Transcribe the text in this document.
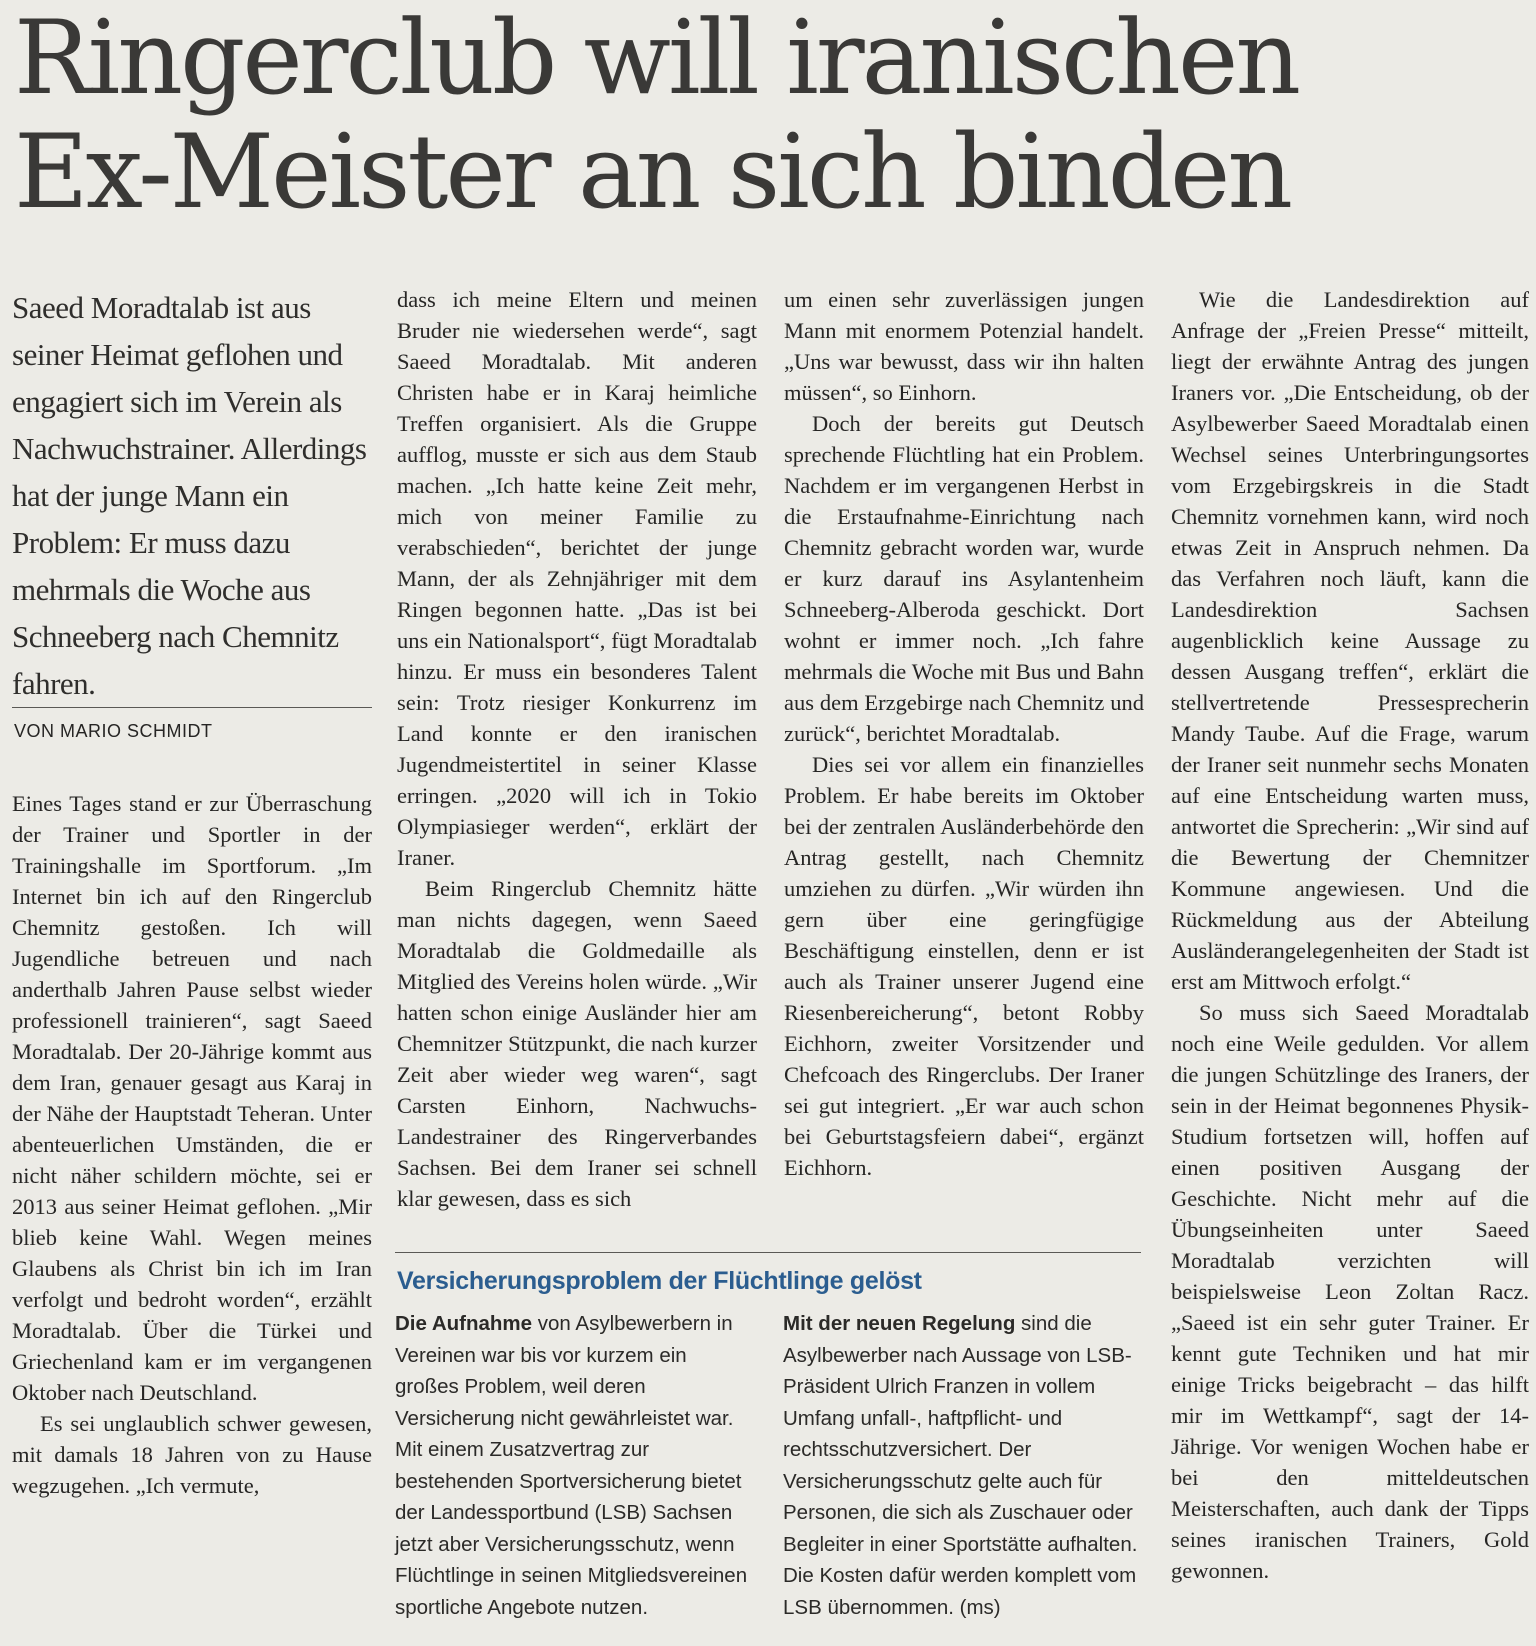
Ringerclub will iranischen
Ex-Meister an sich binden

Saeed Moradtalab ist aus seiner Heimat geflohen und engagiert sich im Verein als Nachwuchstrainer. Allerdings hat der junge Mann ein Problem: Er muss dazu mehrmals die Woche aus Schneeberg nach Chemnitz fahren.

VON MARIO SCHMIDT

Eines Tages stand er zur Überraschung der Trainer und Sportler in der Trainingshalle im Sportforum. „Im Internet bin ich auf den Ringerclub Chemnitz gestoßen. Ich will Jugendliche betreuen und nach anderthalb Jahren Pause selbst wieder professionell trainieren“, sagt Saeed Moradtalab. Der 20-Jährige kommt aus dem Iran, genauer gesagt aus Karaj in der Nähe der Hauptstadt Teheran. Unter abenteuerlichen Umständen, die er nicht näher schildern möchte, sei er 2013 aus seiner Heimat geflohen. „Mir blieb keine Wahl. Wegen meines Glaubens als Christ bin ich im Iran verfolgt und bedroht worden“, erzählt Moradtalab. Über die Türkei und Griechenland kam er im vergangenen Oktober nach Deutschland.

Es sei unglaublich schwer gewesen, mit damals 18 Jahren von zu Hause wegzugehen. „Ich vermute,

dass ich meine Eltern und meinen Bruder nie wiedersehen werde“, sagt Saeed Moradtalab. Mit anderen Christen habe er in Karaj heimliche Treffen organisiert. Als die Gruppe aufflog, musste er sich aus dem Staub machen. „Ich hatte keine Zeit mehr, mich von meiner Familie zu verabschieden“, berichtet der junge Mann, der als Zehnjähriger mit dem Ringen begonnen hatte. „Das ist bei uns ein Nationalsport“, fügt Moradtalab hinzu. Er muss ein besonderes Talent sein: Trotz riesiger Konkurrenz im Land konnte er den iranischen Jugendmeistertitel in seiner Klasse erringen. „2020 will ich in Tokio Olympiasieger werden“, erklärt der Iraner.

Beim Ringerclub Chemnitz hätte man nichts dagegen, wenn Saeed Moradtalab die Goldmedaille als Mitglied des Vereins holen würde. „Wir hatten schon einige Ausländer hier am Chemnitzer Stützpunkt, die nach kurzer Zeit aber wieder weg waren“, sagt Carsten Einhorn, Nachwuchs-Landestrainer des Ringerverbandes Sachsen. Bei dem Iraner sei schnell klar gewesen, dass es sich

um einen sehr zuverlässigen jungen Mann mit enormem Potenzial handelt. „Uns war bewusst, dass wir ihn halten müssen“, so Einhorn.

Doch der bereits gut Deutsch sprechende Flüchtling hat ein Problem. Nachdem er im vergangenen Herbst in die Erstaufnahme-Einrichtung nach Chemnitz gebracht worden war, wurde er kurz darauf ins Asylantenheim Schneeberg-Alberoda geschickt. Dort wohnt er immer noch. „Ich fahre mehrmals die Woche mit Bus und Bahn aus dem Erzgebirge nach Chemnitz und zurück“, berichtet Moradtalab.

Dies sei vor allem ein finanzielles Problem. Er habe bereits im Oktober bei der zentralen Ausländerbehörde den Antrag gestellt, nach Chemnitz umziehen zu dürfen. „Wir würden ihn gern über eine geringfügige Beschäftigung einstellen, denn er ist auch als Trainer unserer Jugend eine Riesenbereicherung“, betont Robby Eichhorn, zweiter Vorsitzender und Chefcoach des Ringerclubs. Der Iraner sei gut integriert. „Er war auch schon bei Geburtstagsfeiern dabei“, ergänzt Eichhorn.

Wie die Landesdirektion auf Anfrage der „Freien Presse“ mitteilt, liegt der erwähnte Antrag des jungen Iraners vor. „Die Entscheidung, ob der Asylbewerber Saeed Moradtalab einen Wechsel seines Unterbringungsortes vom Erzgebirgskreis in die Stadt Chemnitz vornehmen kann, wird noch etwas Zeit in Anspruch nehmen. Da das Verfahren noch läuft, kann die Landesdirektion Sachsen augenblicklich keine Aussage zu dessen Ausgang treffen“, erklärt die stellvertretende Pressesprecherin Mandy Taube. Auf die Frage, warum der Iraner seit nunmehr sechs Monaten auf eine Entscheidung warten muss, antwortet die Sprecherin: „Wir sind auf die Bewertung der Chemnitzer Kommune angewiesen. Und die Rückmeldung aus der Abteilung Ausländerangelegenheiten der Stadt ist erst am Mittwoch erfolgt.“

So muss sich Saeed Moradtalab noch eine Weile gedulden. Vor allem die jungen Schützlinge des Iraners, der sein in der Heimat begonnenes Physik-Studium fortsetzen will, hoffen auf einen positiven Ausgang der Geschichte. Nicht mehr auf die Übungseinheiten unter Saeed Moradtalab verzichten will beispielsweise Leon Zoltan Racz. „Saeed ist ein sehr guter Trainer. Er kennt gute Techniken und hat mir einige Tricks beigebracht – das hilft mir im Wettkampf“, sagt der 14-Jährige. Vor wenigen Wochen habe er bei den mitteldeutschen Meisterschaften, auch dank der Tipps seines iranischen Trainers, Gold gewonnen.

Versicherungsproblem der Flüchtlinge gelöst

Die Aufnahme von Asylbewerbern in Vereinen war bis vor kurzem ein großes Problem, weil deren Versicherung nicht gewährleistet war. Mit einem Zusatzvertrag zur bestehenden Sportversicherung bietet der Landessportbund (LSB) Sachsen jetzt aber Versicherungsschutz, wenn Flüchtlinge in seinen Mitgliedsvereinen sportliche Angebote nutzen.

Mit der neuen Regelung sind die Asylbewerber nach Aussage von LSB-Präsident Ulrich Franzen in vollem Umfang unfall-, haftpflicht- und rechtsschutzversichert. Der Versicherungsschutz gelte auch für Personen, die sich als Zuschauer oder Begleiter in einer Sportstätte aufhalten. Die Kosten dafür werden komplett vom LSB übernommen. (ms)
